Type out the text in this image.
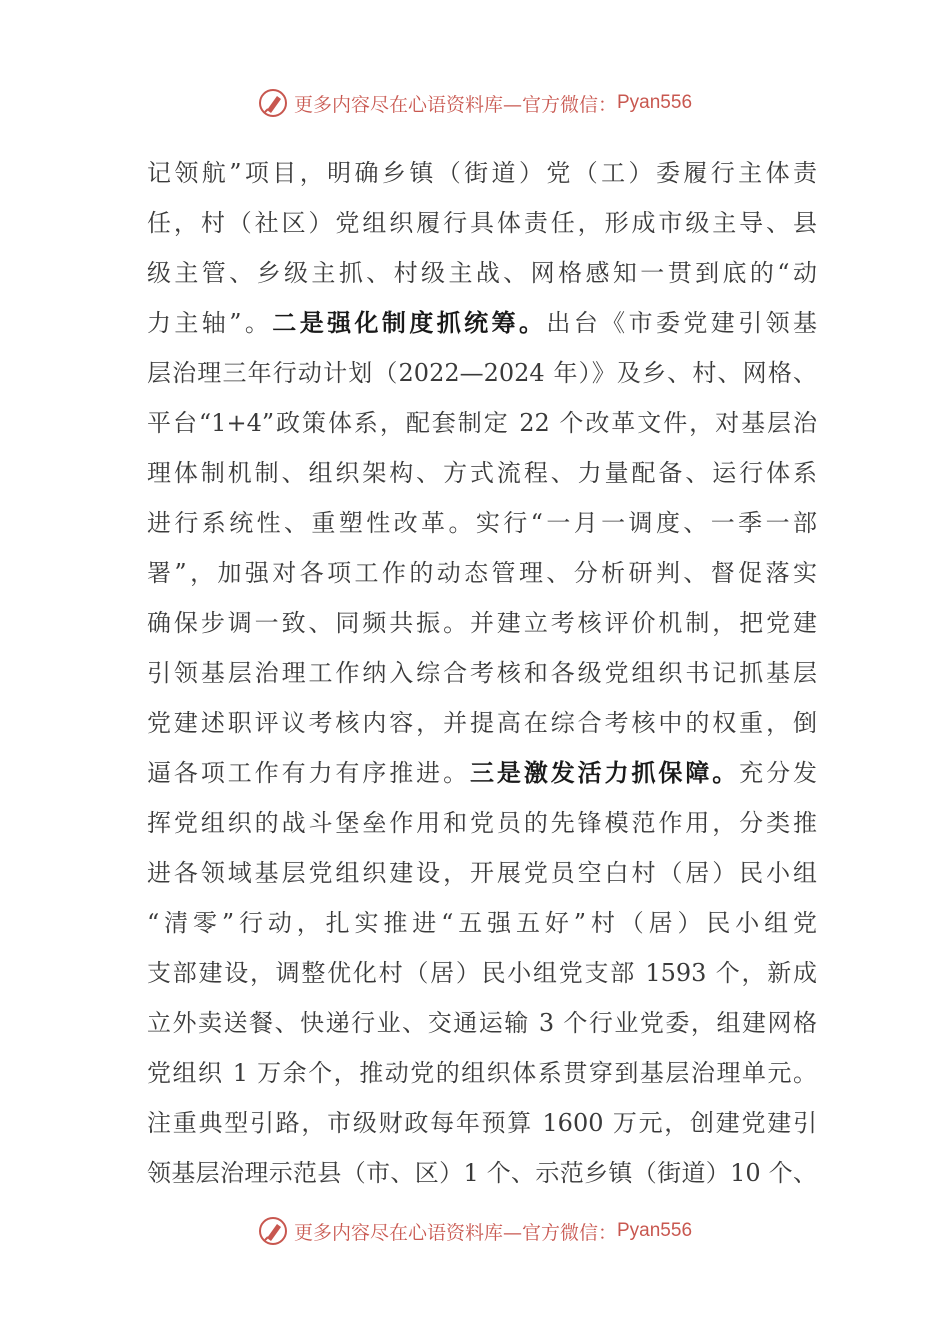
更多内容尽在心语资料库—官方微信： Pyan556
记领航”项目，明确乡镇（街道）党（工）委履行主体责
任，村（社区）党组织履行具体责任，形成市级主导、县
级主管、乡级主抓、村级主战、网格感知一贯到底的“动
力主轴”。二是强化制度抓统筹。出台《市委党建引领基
层治理三年行动计划（2022—2024 年）》及乡、村、网格、
平台“1+4”政策体系，配套制定 22 个改革文件，对基层治
理体制机制、组织架构、方式流程、力量配备、运行体系
进行系统性、重塑性改革。实行“一月一调度、一季一部
署”，加强对各项工作的动态管理、分析研判、督促落实
确保步调一致、同频共振。并建立考核评价机制，把党建
引领基层治理工作纳入综合考核和各级党组织书记抓基层
党建述职评议考核内容，并提高在综合考核中的权重，倒
逼各项工作有力有序推进。三是激发活力抓保障。充分发
挥党组织的战斗堡垒作用和党员的先锋模范作用，分类推
进各领域基层党组织建设，开展党员空白村（居）民小组
“清零”行动，扎实推进“五强五好”村（居）民小组党
支部建设，调整优化村（居）民小组党支部 1593 个，新成
立外卖送餐、快递行业、交通运输 3 个行业党委，组建网格
党组织 1 万余个，推动党的组织体系贯穿到基层治理单元。
注重典型引路，市级财政每年预算 1600 万元，创建党建引
领基层治理示范县（市、区）1 个、示范乡镇（街道）10 个、
更多内容尽在心语资料库—官方微信： Pyan556
